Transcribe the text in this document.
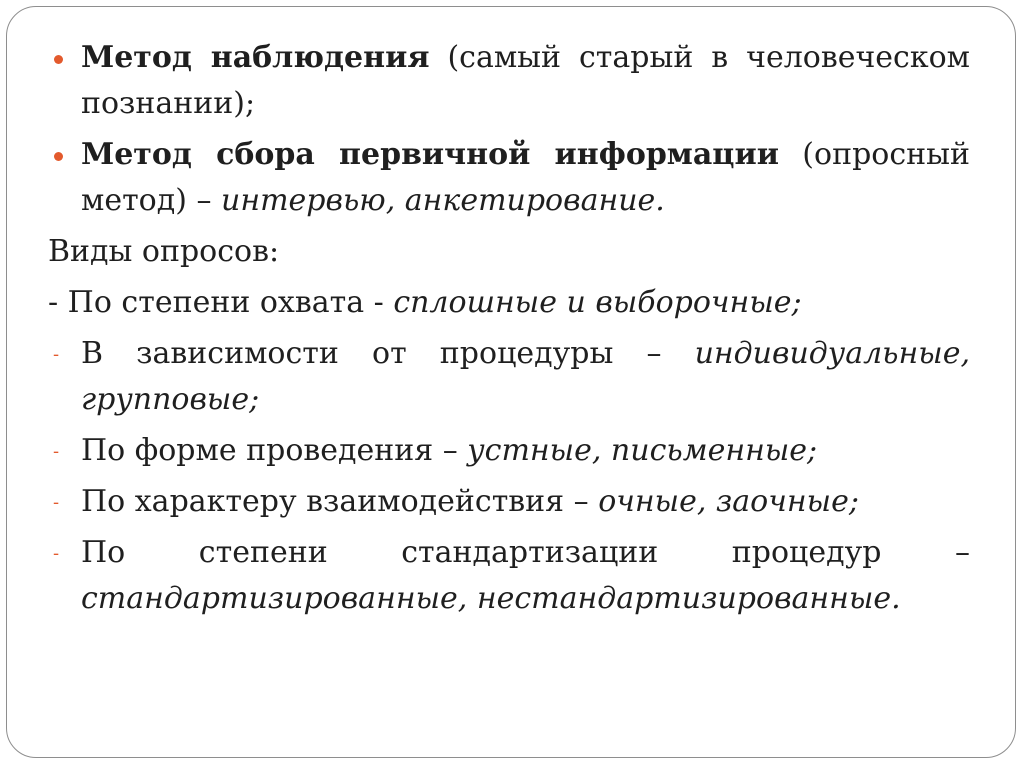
Метод наблюдения (самый старый в человеческом познании);

Метод сбора первичной информации (опросный метод) – интервью, анкетирование.

Виды опросов:

- По степени охвата - сплошные и выборочные;

- В зависимости от процедуры – индивидуальные, групповые;

- По форме проведения – устные, письменные;

- По характеру взаимодействия – очные, заочные;

- По степени стандартизации процедур – стандартизированные, нестандартизированные.
